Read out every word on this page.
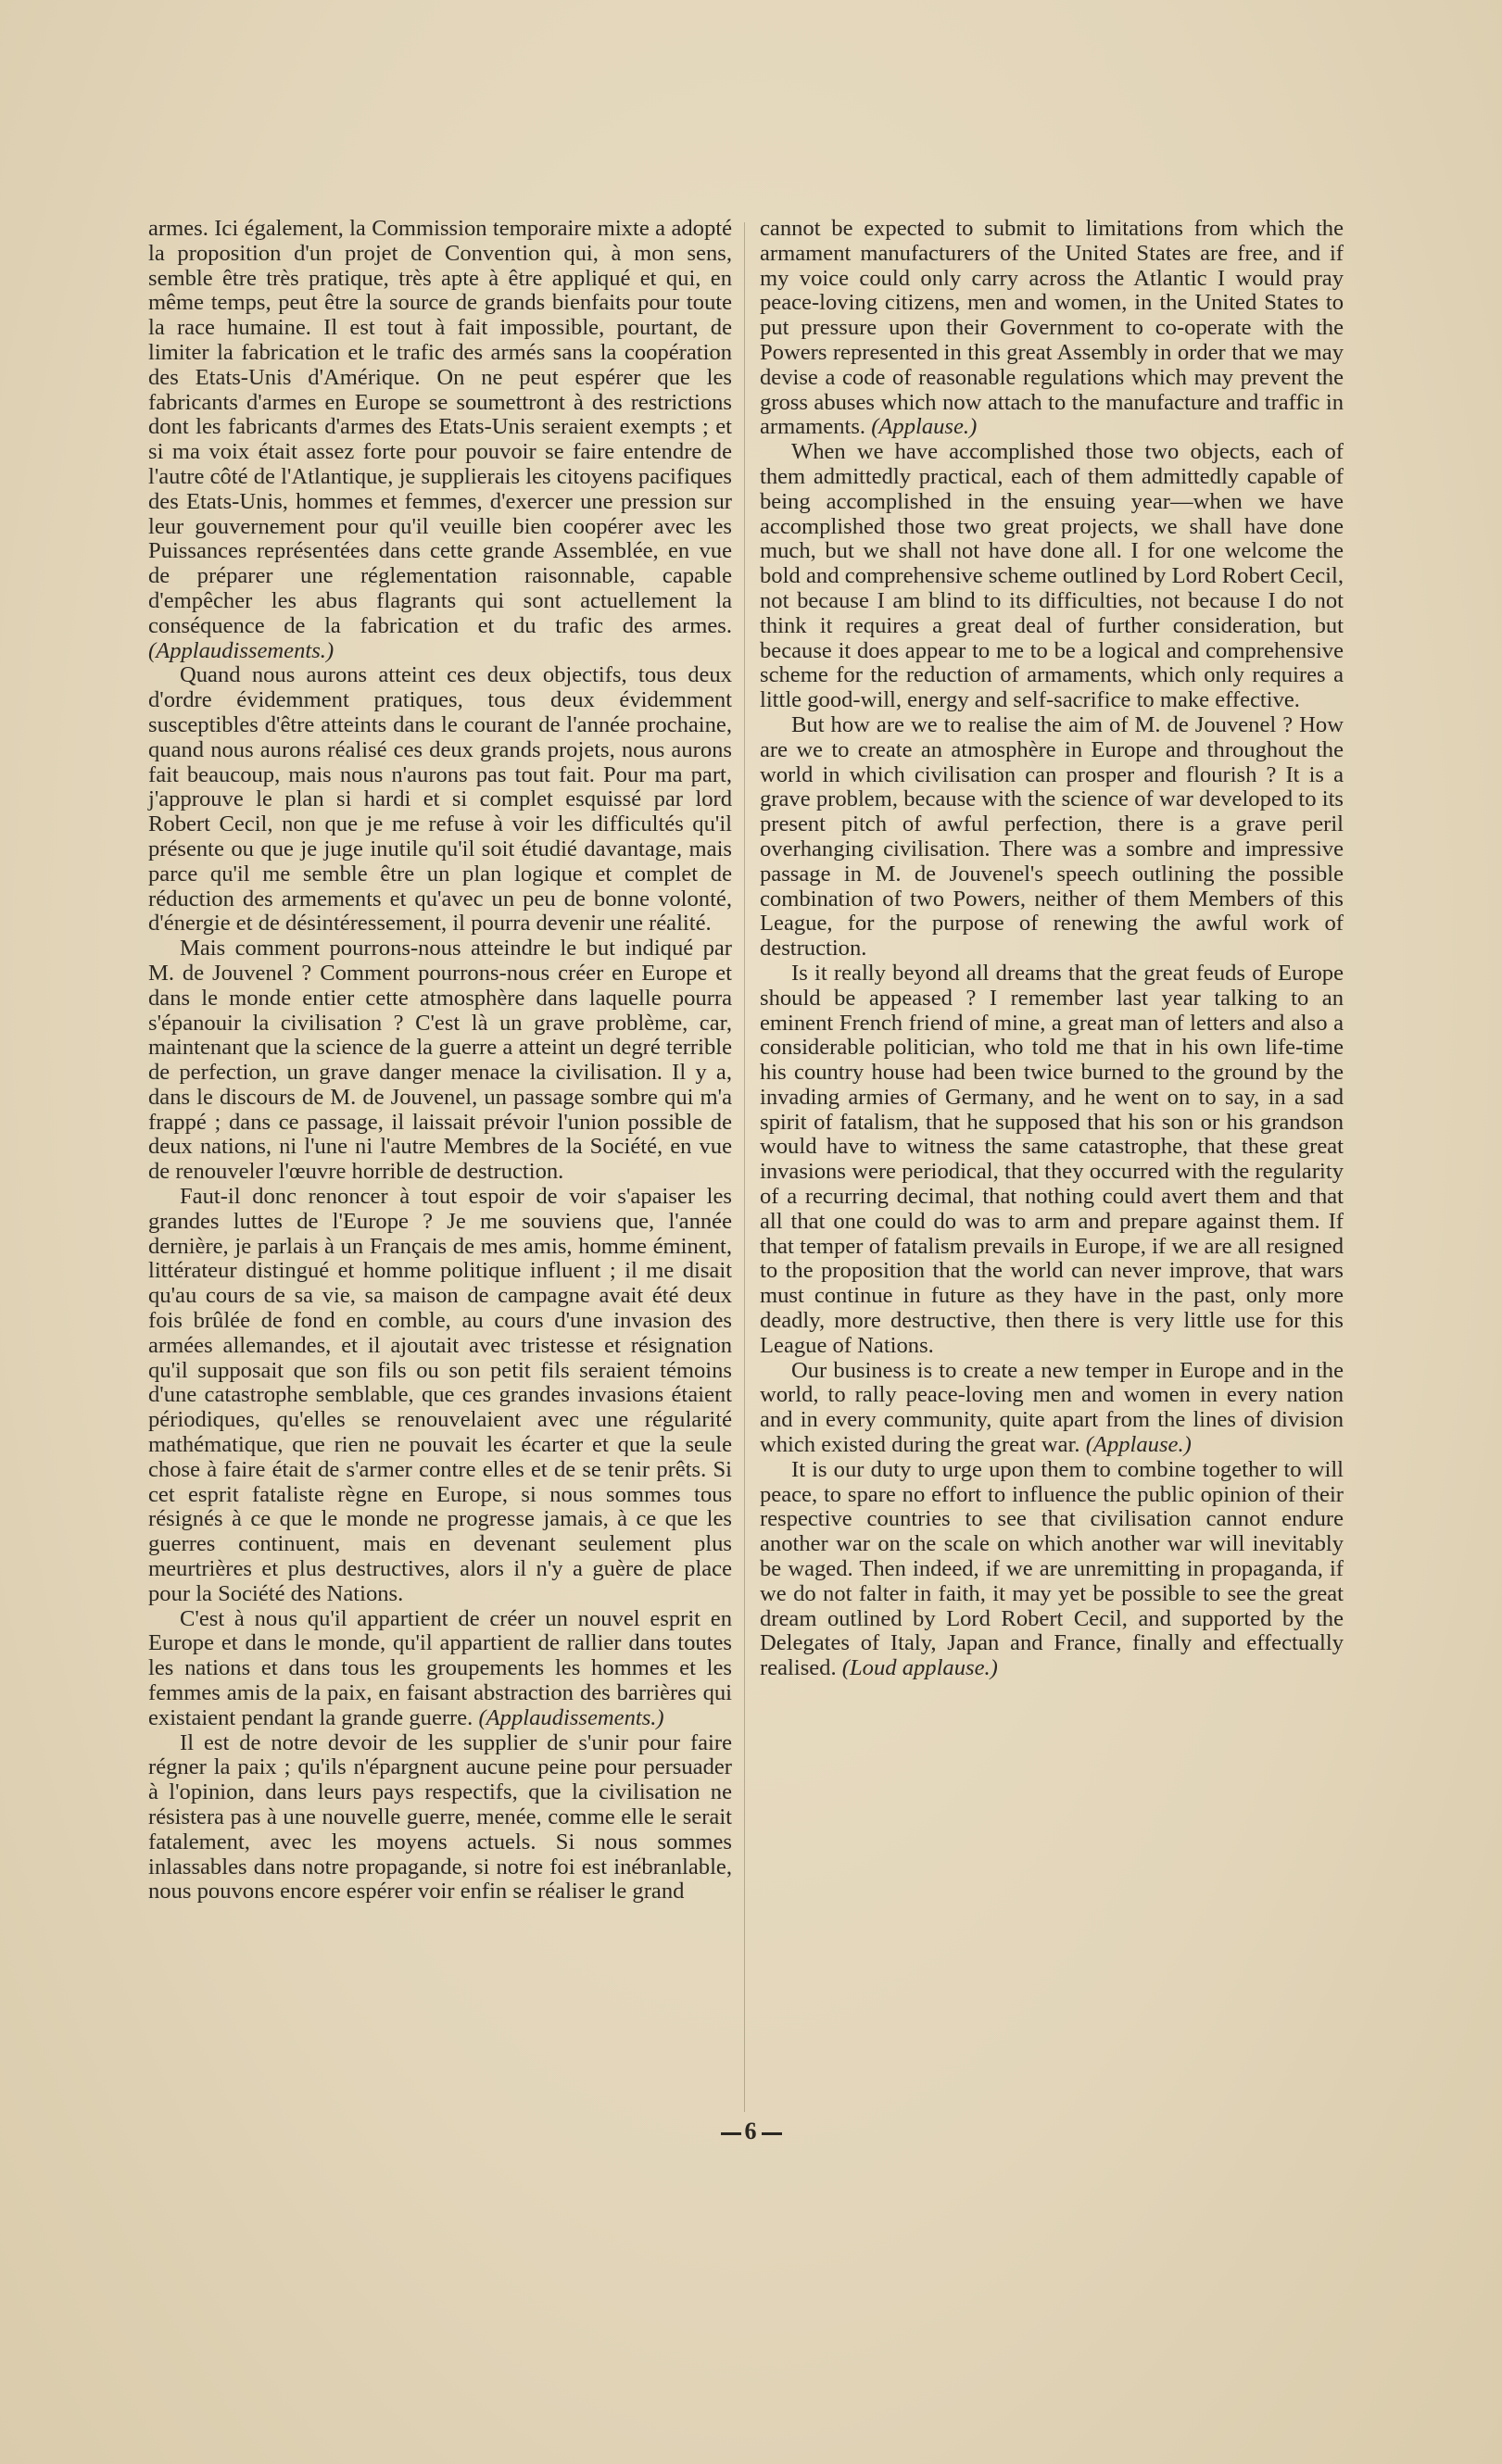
armes. Ici également, la Commission temporaire mixte a adopté la proposition d'un projet de Convention qui, à mon sens, semble être très pratique, très apte à être appliqué et qui, en même temps, peut être la source de grands bienfaits pour toute la race humaine. Il est tout à fait impossible, pourtant, de limiter la fabrication et le trafic des armés sans la coopération des Etats-Unis d'Amérique. On ne peut espérer que les fabricants d'armes en Europe se soumettront à des restrictions dont les fabricants d'armes des Etats-Unis seraient exempts ; et si ma voix était assez forte pour pouvoir se faire entendre de l'autre côté de l'Atlantique, je supplierais les citoyens pacifiques des Etats-Unis, hommes et femmes, d'exercer une pression sur leur gouvernement pour qu'il veuille bien coopérer avec les Puissances représentées dans cette grande Assemblée, en vue de préparer une réglementation raisonnable, capable d'empêcher les abus flagrants qui sont actuellement la conséquence de la fabrication et du trafic des armes. (Applaudissements.)

Quand nous aurons atteint ces deux objectifs, tous deux d'ordre évidemment pratiques, tous deux évidemment susceptibles d'être atteints dans le courant de l'année prochaine, quand nous aurons réalisé ces deux grands projets, nous aurons fait beaucoup, mais nous n'aurons pas tout fait. Pour ma part, j'approuve le plan si hardi et si complet esquissé par lord Robert Cecil, non que je me refuse à voir les difficultés qu'il présente ou que je juge inutile qu'il soit étudié davantage, mais parce qu'il me semble être un plan logique et complet de réduction des armements et qu'avec un peu de bonne volonté, d'énergie et de désintéressement, il pourra devenir une réalité.

Mais comment pourrons-nous atteindre le but indiqué par M. de Jouvenel ? Comment pourrons-nous créer en Europe et dans le monde entier cette atmosphère dans laquelle pourra s'épanouir la civilisation ? C'est là un grave problème, car, maintenant que la science de la guerre a atteint un degré terrible de perfection, un grave danger menace la civilisation. Il y a, dans le discours de M. de Jouvenel, un passage sombre qui m'a frappé ; dans ce passage, il laissait prévoir l'union possible de deux nations, ni l'une ni l'autre Membres de la Société, en vue de renouveler l'œuvre horrible de destruction.

Faut-il donc renoncer à tout espoir de voir s'apaiser les grandes luttes de l'Europe ? Je me souviens que, l'année dernière, je parlais à un Français de mes amis, homme éminent, littérateur distingué et homme politique influent ; il me disait qu'au cours de sa vie, sa maison de campagne avait été deux fois brûlée de fond en comble, au cours d'une invasion des armées allemandes, et il ajoutait avec tristesse et résignation qu'il supposait que son fils ou son petit fils seraient témoins d'une catastrophe semblable, que ces grandes invasions étaient périodiques, qu'elles se renouvelaient avec une régularité mathématique, que rien ne pouvait les écarter et que la seule chose à faire était de s'armer contre elles et de se tenir prêts. Si cet esprit fataliste règne en Europe, si nous sommes tous résignés à ce que le monde ne progresse jamais, à ce que les guerres continuent, mais en devenant seulement plus meurtrières et plus destructives, alors il n'y a guère de place pour la Société des Nations.

C'est à nous qu'il appartient de créer un nouvel esprit en Europe et dans le monde, qu'il appartient de rallier dans toutes les nations et dans tous les groupements les hommes et les femmes amis de la paix, en faisant abstraction des barrières qui existaient pendant la grande guerre. (Applaudissements.)

Il est de notre devoir de les supplier de s'unir pour faire régner la paix ; qu'ils n'épargnent aucune peine pour persuader à l'opinion, dans leurs pays respectifs, que la civilisation ne résistera pas à une nouvelle guerre, menée, comme elle le serait fatalement, avec les moyens actuels. Si nous sommes inlassables dans notre propagande, si notre foi est inébranlable, nous pouvons encore espérer voir enfin se réaliser le grand

cannot be expected to submit to limitations from which the armament manufacturers of the United States are free, and if my voice could only carry across the Atlantic I would pray peace-loving citizens, men and women, in the United States to put pressure upon their Government to co-operate with the Powers represented in this great Assembly in order that we may devise a code of reasonable regulations which may prevent the gross abuses which now attach to the manufacture and traffic in armaments. (Applause.)

When we have accomplished those two objects, each of them admittedly practical, each of them admittedly capable of being accomplished in the ensuing year—when we have accomplished those two great projects, we shall have done much, but we shall not have done all. I for one welcome the bold and comprehensive scheme outlined by Lord Robert Cecil, not because I am blind to its difficulties, not because I do not think it requires a great deal of further consideration, but because it does appear to me to be a logical and comprehensive scheme for the reduction of armaments, which only requires a little good-will, energy and self-sacrifice to make effective.

But how are we to realise the aim of M. de Jouvenel ? How are we to create an atmosphère in Europe and throughout the world in which civilisation can prosper and flourish ? It is a grave problem, because with the science of war developed to its present pitch of awful perfection, there is a grave peril overhanging civilisation. There was a sombre and impressive passage in M. de Jouvenel's speech outlining the possible combination of two Powers, neither of them Members of this League, for the purpose of renewing the awful work of destruction.

Is it really beyond all dreams that the great feuds of Europe should be appeased ? I remember last year talking to an eminent French friend of mine, a great man of letters and also a considerable politician, who told me that in his own life-time his country house had been twice burned to the ground by the invading armies of Germany, and he went on to say, in a sad spirit of fatalism, that he supposed that his son or his grandson would have to witness the same catastrophe, that these great invasions were periodical, that they occurred with the regularity of a recurring decimal, that nothing could avert them and that all that one could do was to arm and prepare against them. If that temper of fatalism prevails in Europe, if we are all resigned to the proposition that the world can never improve, that wars must continue in future as they have in the past, only more deadly, more destructive, then there is very little use for this League of Nations.

Our business is to create a new temper in Europe and in the world, to rally peace-loving men and women in every nation and in every community, quite apart from the lines of division which existed during the great war. (Applause.)

It is our duty to urge upon them to combine together to will peace, to spare no effort to influence the public opinion of their respective countries to see that civilisation cannot endure another war on the scale on which another war will inevitably be waged. Then indeed, if we are unremitting in propaganda, if we do not falter in faith, it may yet be possible to see the great dream outlined by Lord Robert Cecil, and supported by the Delegates of Italy, Japan and France, finally and effectually realised. (Loud applause.)

6
